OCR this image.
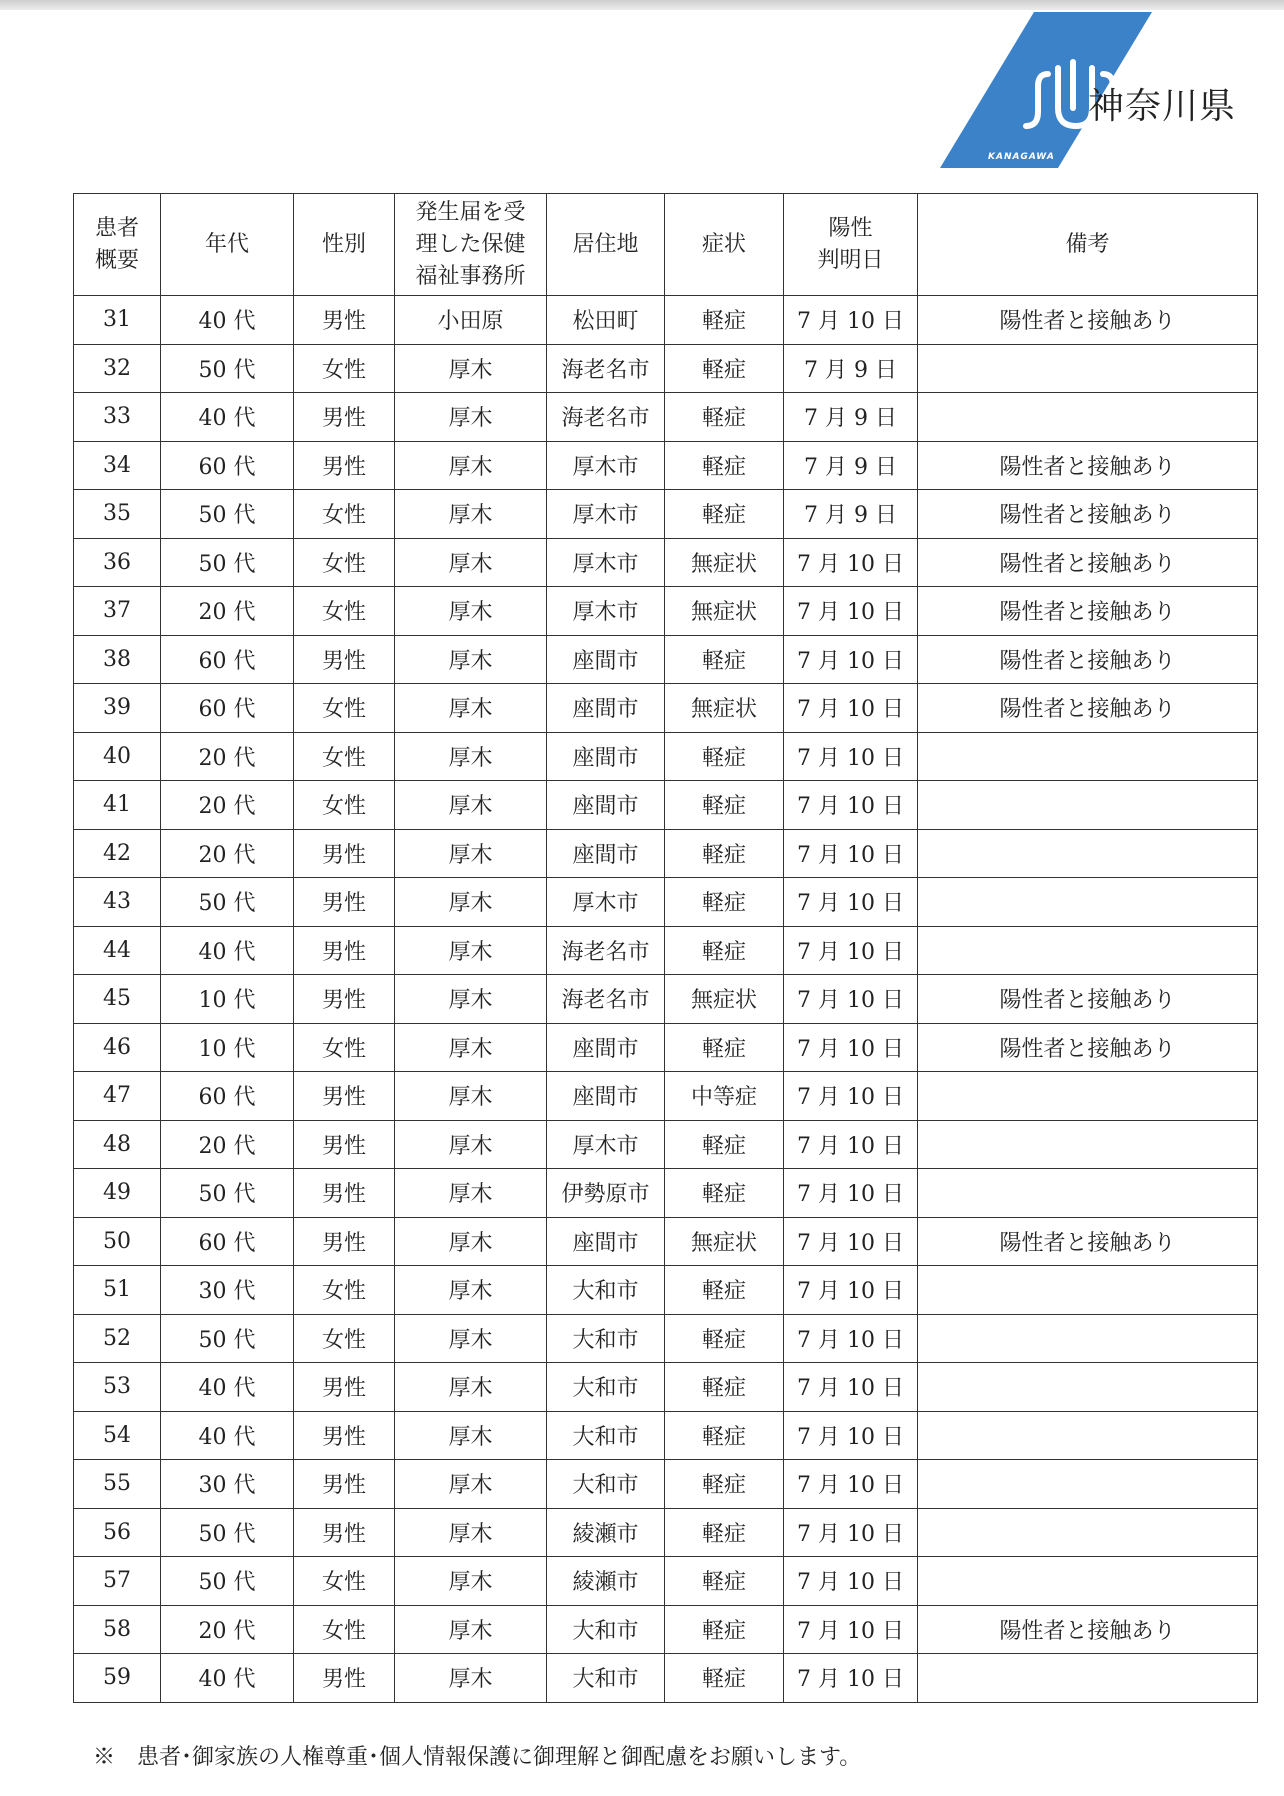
KANAGAWA
神奈川県
患者
概要	年代	性別	発生届を受
理した保健
福祉事務所	居住地	症状	陽性
判明日	備考
31	40 代	男性	小田原	松田町	軽症	7 月 10 日	陽性者と接触あり
32	50 代	女性	厚木	海老名市	軽症	7 月 9 日	
33	40 代	男性	厚木	海老名市	軽症	7 月 9 日	
34	60 代	男性	厚木	厚木市	軽症	7 月 9 日	陽性者と接触あり
35	50 代	女性	厚木	厚木市	軽症	7 月 9 日	陽性者と接触あり
36	50 代	女性	厚木	厚木市	無症状	7 月 10 日	陽性者と接触あり
37	20 代	女性	厚木	厚木市	無症状	7 月 10 日	陽性者と接触あり
38	60 代	男性	厚木	座間市	軽症	7 月 10 日	陽性者と接触あり
39	60 代	女性	厚木	座間市	無症状	7 月 10 日	陽性者と接触あり
40	20 代	女性	厚木	座間市	軽症	7 月 10 日	
41	20 代	女性	厚木	座間市	軽症	7 月 10 日	
42	20 代	男性	厚木	座間市	軽症	7 月 10 日	
43	50 代	男性	厚木	厚木市	軽症	7 月 10 日	
44	40 代	男性	厚木	海老名市	軽症	7 月 10 日	
45	10 代	男性	厚木	海老名市	無症状	7 月 10 日	陽性者と接触あり
46	10 代	女性	厚木	座間市	軽症	7 月 10 日	陽性者と接触あり
47	60 代	男性	厚木	座間市	中等症	7 月 10 日	
48	20 代	男性	厚木	厚木市	軽症	7 月 10 日	
49	50 代	男性	厚木	伊勢原市	軽症	7 月 10 日	
50	60 代	男性	厚木	座間市	無症状	7 月 10 日	陽性者と接触あり
51	30 代	女性	厚木	大和市	軽症	7 月 10 日	
52	50 代	女性	厚木	大和市	軽症	7 月 10 日	
53	40 代	男性	厚木	大和市	軽症	7 月 10 日	
54	40 代	男性	厚木	大和市	軽症	7 月 10 日	
55	30 代	男性	厚木	大和市	軽症	7 月 10 日	
56	50 代	男性	厚木	綾瀬市	軽症	7 月 10 日	
57	50 代	女性	厚木	綾瀬市	軽症	7 月 10 日	
58	20 代	女性	厚木	大和市	軽症	7 月 10 日	陽性者と接触あり
59	40 代	男性	厚木	大和市	軽症	7 月 10 日	
※　患者･御家族の人権尊重･個人情報保護に御理解と御配慮をお願いします。
